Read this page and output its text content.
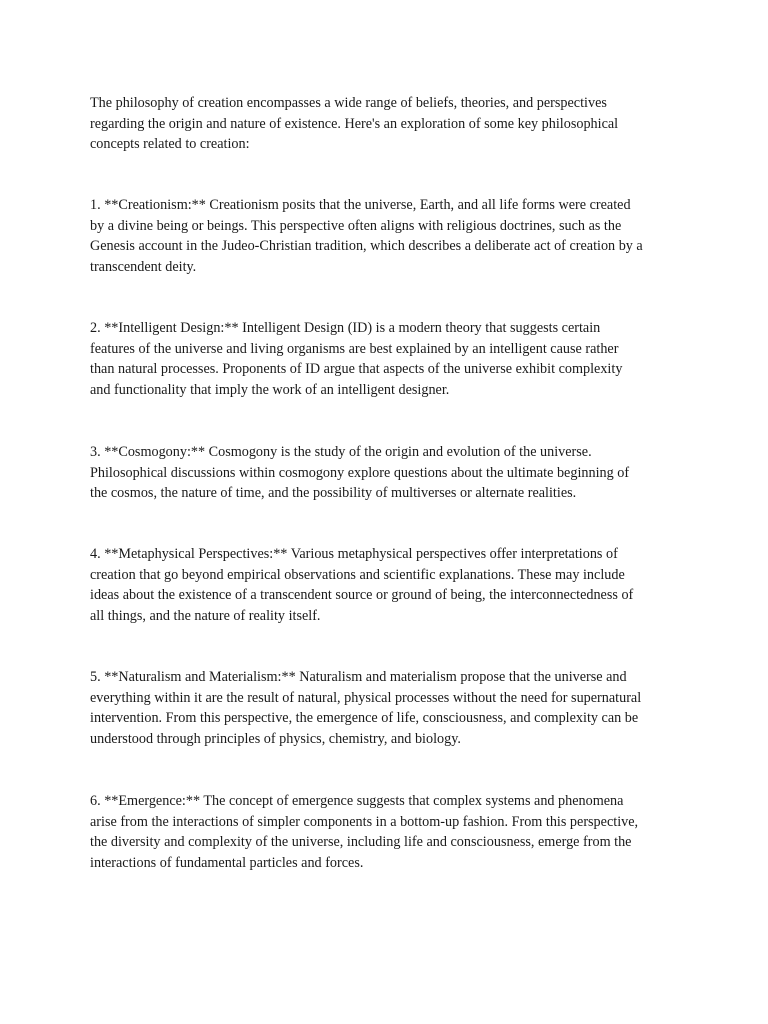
The philosophy of creation encompasses a wide range of beliefs, theories, and perspectives
regarding the origin and nature of existence. Here's an exploration of some key philosophical
concepts related to creation:

1. **Creationism:** Creationism posits that the universe, Earth, and all life forms were created
by a divine being or beings. This perspective often aligns with religious doctrines, such as the
Genesis account in the Judeo-Christian tradition, which describes a deliberate act of creation by a
transcendent deity.

2. **Intelligent Design:** Intelligent Design (ID) is a modern theory that suggests certain
features of the universe and living organisms are best explained by an intelligent cause rather
than natural processes. Proponents of ID argue that aspects of the universe exhibit complexity
and functionality that imply the work of an intelligent designer.

3. **Cosmogony:** Cosmogony is the study of the origin and evolution of the universe.
Philosophical discussions within cosmogony explore questions about the ultimate beginning of
the cosmos, the nature of time, and the possibility of multiverses or alternate realities.

4. **Metaphysical Perspectives:** Various metaphysical perspectives offer interpretations of
creation that go beyond empirical observations and scientific explanations. These may include
ideas about the existence of a transcendent source or ground of being, the interconnectedness of
all things, and the nature of reality itself.

5. **Naturalism and Materialism:** Naturalism and materialism propose that the universe and
everything within it are the result of natural, physical processes without the need for supernatural
intervention. From this perspective, the emergence of life, consciousness, and complexity can be
understood through principles of physics, chemistry, and biology.

6. **Emergence:** The concept of emergence suggests that complex systems and phenomena
arise from the interactions of simpler components in a bottom-up fashion. From this perspective,
the diversity and complexity of the universe, including life and consciousness, emerge from the
interactions of fundamental particles and forces.
